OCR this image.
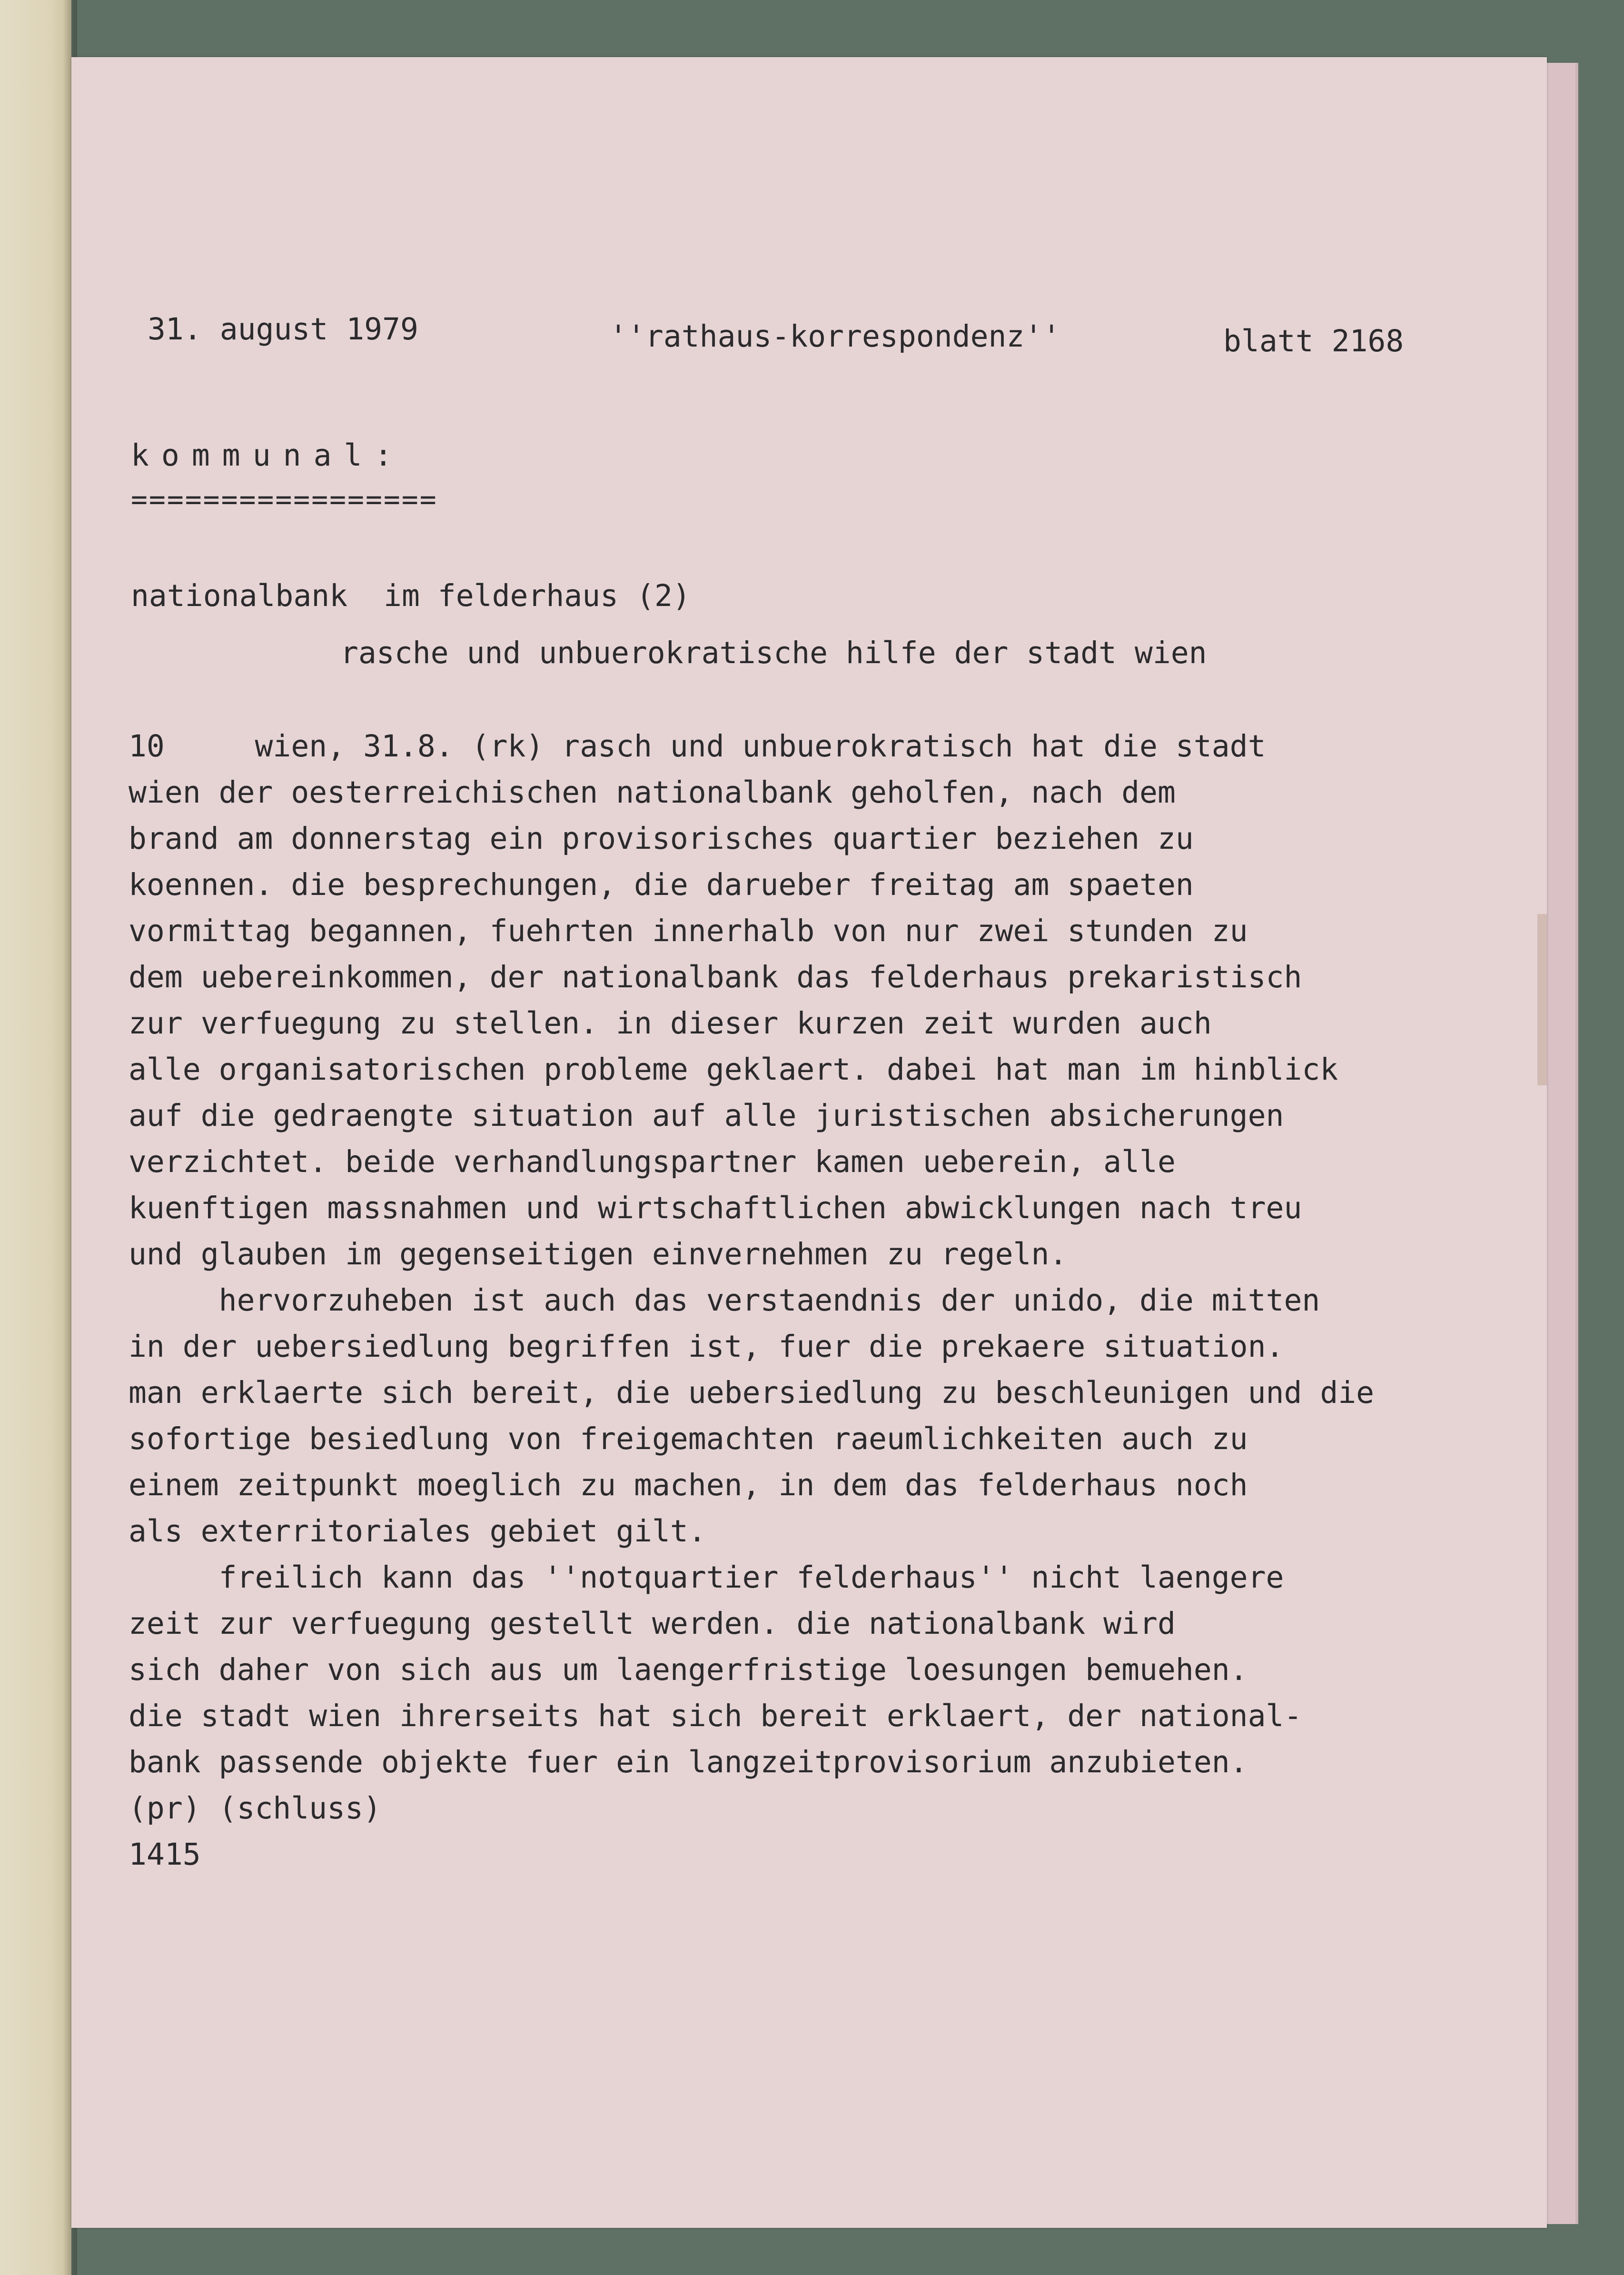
31. august 1979	''rathaus-korrespondenz''	blatt 2168
kommunal:
=================
nationalbank  im felderhaus (2)
rasche und unbuerokratische hilfe der stadt wien
10     wien, 31.8. (rk) rasch und unbuerokratisch hat die stadt
wien der oesterreichischen nationalbank geholfen, nach dem
brand am donnerstag ein provisorisches quartier beziehen zu
koennen. die besprechungen, die darueber freitag am spaeten
vormittag begannen, fuehrten innerhalb von nur zwei stunden zu
dem uebereinkommen, der nationalbank das felderhaus prekaristisch
zur verfuegung zu stellen. in dieser kurzen zeit wurden auch
alle organisatorischen probleme geklaert. dabei hat man im hinblick
auf die gedraengte situation auf alle juristischen absicherungen
verzichtet. beide verhandlungspartner kamen ueberein, alle
kuenftigen massnahmen und wirtschaftlichen abwicklungen nach treu
und glauben im gegenseitigen einvernehmen zu regeln.
hervorzuheben ist auch das verstaendnis der unido, die mitten
in der uebersiedlung begriffen ist, fuer die prekaere situation.
man erklaerte sich bereit, die uebersiedlung zu beschleunigen und die
sofortige besiedlung von freigemachten raeumlichkeiten auch zu
einem zeitpunkt moeglich zu machen, in dem das felderhaus noch
als exterritoriales gebiet gilt.
freilich kann das ''notquartier felderhaus'' nicht laengere
zeit zur verfuegung gestellt werden. die nationalbank wird
sich daher von sich aus um laengerfristige loesungen bemuehen.
die stadt wien ihrerseits hat sich bereit erklaert, der national-
bank passende objekte fuer ein langzeitprovisorium anzubieten.
(pr) (schluss)
1415
